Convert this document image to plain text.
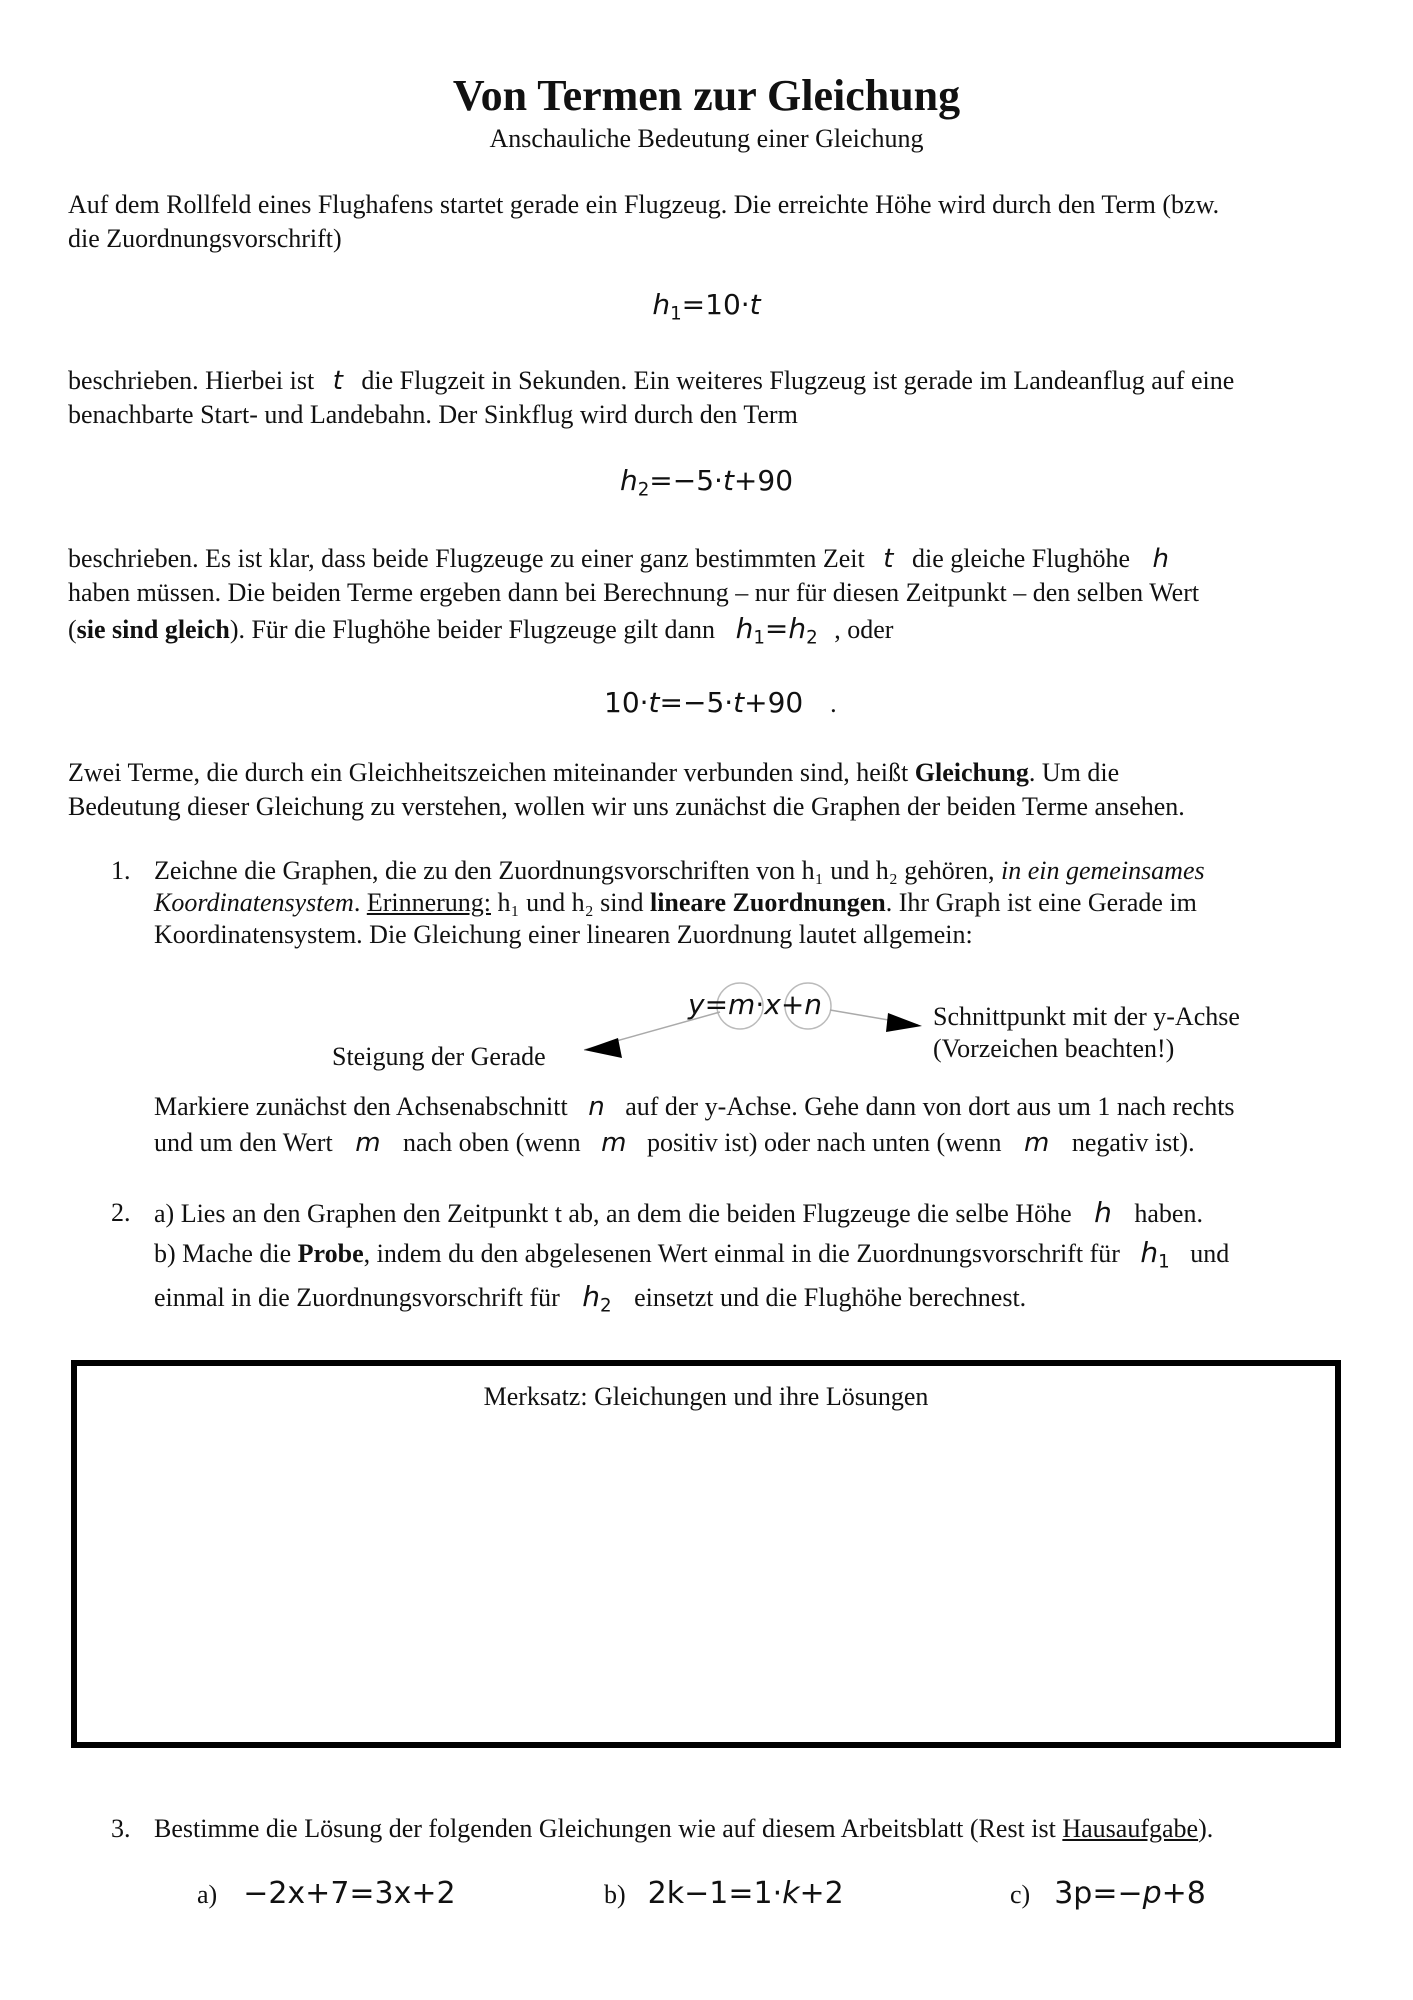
Von Termen zur Gleichung
Anschauliche Bedeutung einer Gleichung
Auf dem Rollfeld eines Flughafens startet gerade ein Flugzeug. Die erreichte Höhe wird durch den Term (bzw.
die Zuordnungsvorschrift)
$h_1=10\cdot t$
beschrieben. Hierbei ist t die Flugzeit in Sekunden. Ein weiteres Flugzeug ist gerade im Landeanflug auf eine
benachbarte Start- und Landebahn. Der Sinkflug wird durch den Term
$h_2=-5\cdot t+90$
beschrieben. Es ist klar, dass beide Flugzeuge zu einer ganz bestimmten Zeit t die gleiche Flughöhe h
haben müssen. Die beiden Terme ergeben dann bei Berechnung – nur für diesen Zeitpunkt – den selben Wert
(sie sind gleich). Für die Flughöhe beider Flugzeuge gilt dann $h_1=h_2$ , oder
10·t=−5·t+90 .
Zwei Terme, die durch ein Gleichheitszeichen miteinander verbunden sind, heißt Gleichung. Um die
Bedeutung dieser Gleichung zu verstehen, wollen wir uns zunächst die Graphen der beiden Terme ansehen.
1. Zeichne die Graphen, die zu den Zuordnungsvorschriften von h₁ und h₂ gehören, in ein gemeinsames
Koordinatensystem. Erinnerung: h₁ und h₂ sind lineare Zuordnungen. Ihr Graph ist eine Gerade im
Koordinatensystem. Die Gleichung einer linearen Zuordnung lautet allgemein:
y=m·x+n
Steigung der Gerade
Schnittpunkt mit der y-Achse
(Vorzeichen beachten!)
Markiere zunächst den Achsenabschnitt n auf der y-Achse. Gehe dann von dort aus um 1 nach rechts
und um den Wert m nach oben (wenn m positiv ist) oder nach unten (wenn m negativ ist).
2. a) Lies an den Graphen den Zeitpunkt t ab, an dem die beiden Flugzeuge die selbe Höhe h haben.
b) Mache die Probe, indem du den abgelesenen Wert einmal in die Zuordnungsvorschrift für $h_1$ und
einmal in die Zuordnungsvorschrift für $h_2$ einsetzt und die Flughöhe berechnest.
Merksatz: Gleichungen und ihre Lösungen
3. Bestimme die Lösung der folgenden Gleichungen wie auf diesem Arbeitsblatt (Rest ist Hausaufgabe).
a) −2x+7=3x+2	b) 2k−1=1·k+2	c) 3p=−p+8
